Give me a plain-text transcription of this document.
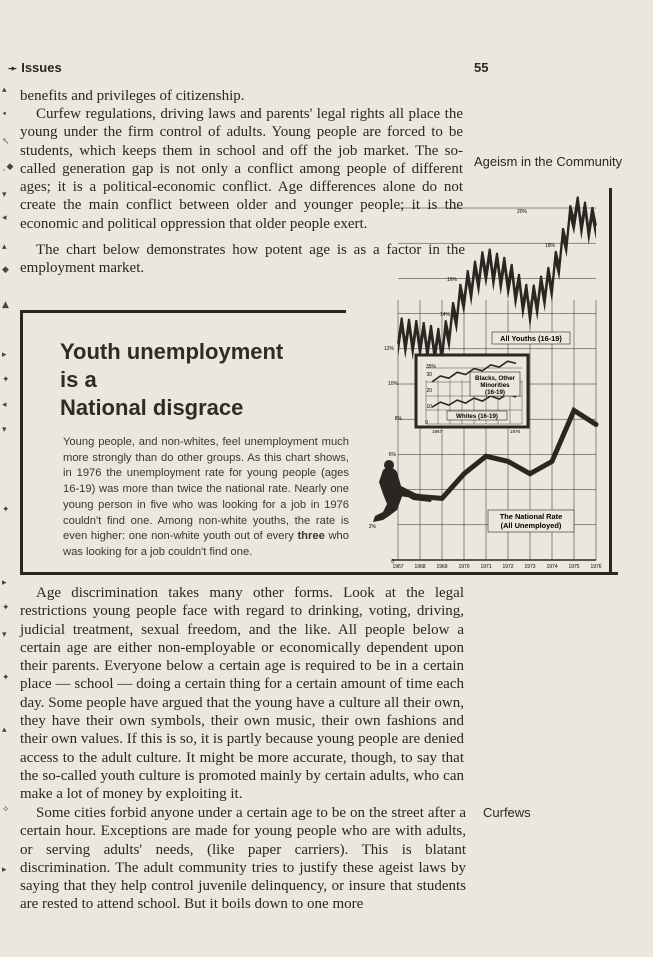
➛ Issues	55
▴
•
↖
˛◆
▾
◂
▴
◆
▲
▸
✦
◂
▾
✦
▸
✦
▾
✦
▴
✧
▸
benefits and privileges of citizenship.
Curfew regulations, driving laws and parents' legal rights all place the young under the firm control of adults. Young people are forced to be students, which keeps them in school and off the job market. The so-called generation gap is not only a conflict among people of different ages; it is a political-economic conflict. Age differences alone do not create the main conflict between older and younger people; it is the economic and political oppression that older people exert.
The chart below demonstrates how potent age is as a factor in the employment market.
Ageism in the Community
Youth unemployment
is a
National disgrace
Young people, and non-whites, feel unemployment much more strongly than do other groups. As this chart shows, in 1976 the unemployment rate for young people (ages 16-19) was more than twice the national rate. Nearly one young person in five who was looking for a job in 1976 couldn't find one. Among non-white youths, the rate is even higher: one non-white youth out of every three who was looking for a job couldn't find one.
0
2%
6%
8%
10%
12%
14%
16%
18%
20%
1967 1968 1969 1970 1971 1972 1973 1974 1975 1976
0
10
20
30
35%
1967	1976
Blacks, Other
Minorities
(16-19)
Whites (16-19)
All Youths (16-19)
The National Rate
(All Unemployed)
Age discrimination takes many other forms. Look at the legal restrictions young people face with regard to drinking, voting, driving, judicial treatment, sexual freedom, and the like. All people below a certain age are either non-employable or economically dependent upon their parents. Everyone below a certain age is required to be in a certain place — school — doing a certain thing for a certain amount of time each day. Some people have argued that the young have a culture all their own, they have their own symbols, their own music, their own fashions and their own values. If this is so, it is partly because young people are denied access to the adult culture. It might be more accurate, though, to say that the so-called youth culture is promoted mainly by certain adults, who can make a lot of money by exploiting it.
Some cities forbid anyone under a certain age to be on the street after a certain hour. Exceptions are made for young people who are with adults, or serving adults' needs, (like paper carriers). This is blatant discrimination. The adult community tries to justify these ageist laws by saying that they help control juvenile delinquency, or insure that students are rested to attend school. But it boils down to one more
Curfews
